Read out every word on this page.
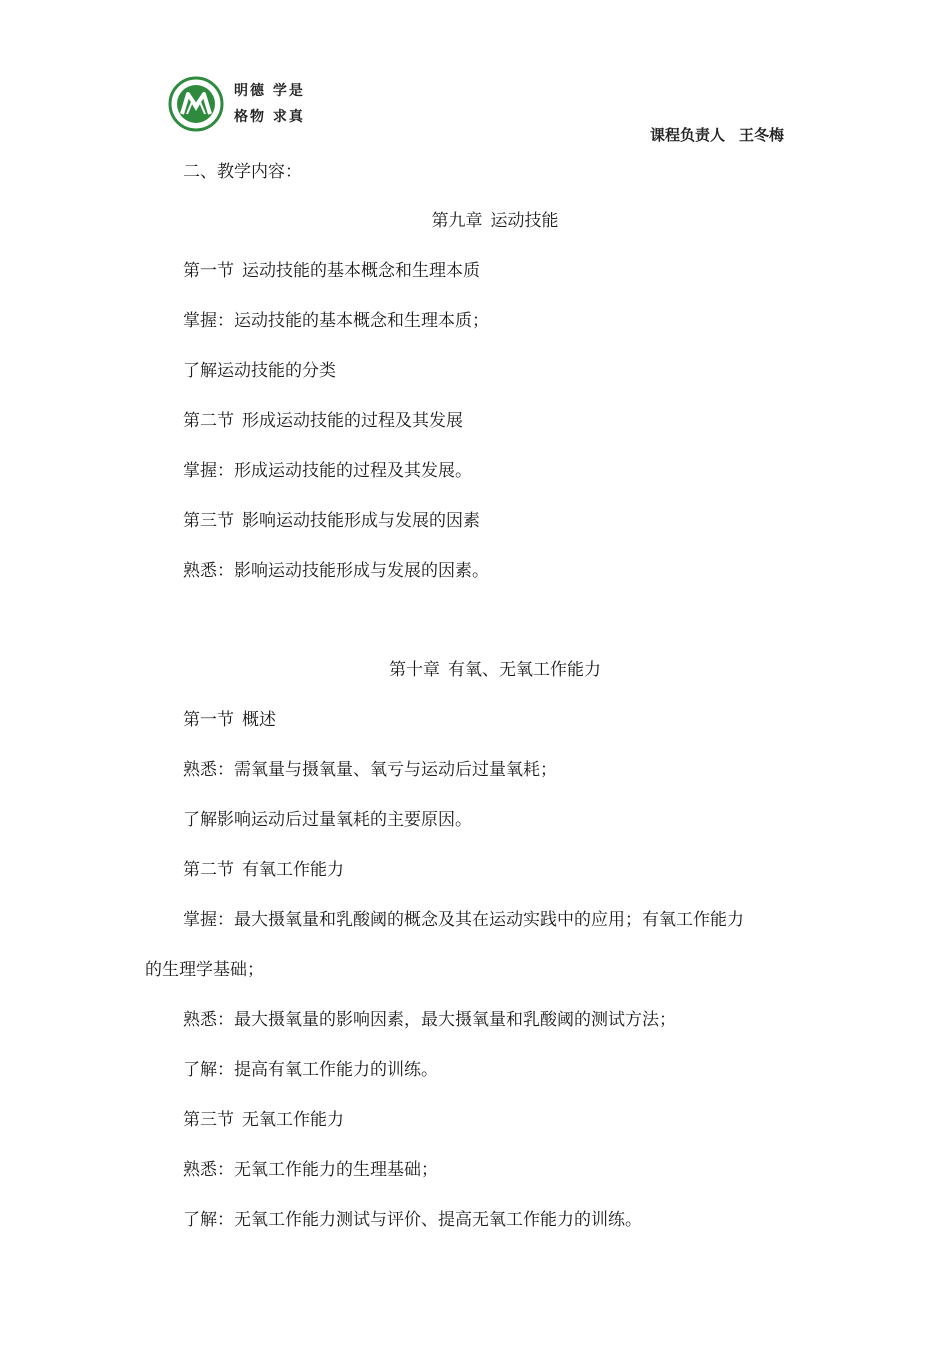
明德 学是
格物 求真
课程负责人 王冬梅
二、教学内容：
第九章 运动技能
第一节 运动技能的基本概念和生理本质
掌握：运动技能的基本概念和生理本质；
了解运动技能的分类
第二节 形成运动技能的过程及其发展
掌握：形成运动技能的过程及其发展。
第三节 影响运动技能形成与发展的因素
熟悉：影响运动技能形成与发展的因素。
第十章 有氧、无氧工作能力
第一节 概述
熟悉：需氧量与摄氧量、氧亏与运动后过量氧耗；
了解影响运动后过量氧耗的主要原因。
第二节 有氧工作能力
掌握：最大摄氧量和乳酸阈的概念及其在运动实践中的应用；有氧工作能力
的生理学基础；
熟悉：最大摄氧量的影响因素，最大摄氧量和乳酸阈的测试方法；
了解：提高有氧工作能力的训练。
第三节 无氧工作能力
熟悉：无氧工作能力的生理基础；
了解：无氧工作能力测试与评价、提高无氧工作能力的训练。
